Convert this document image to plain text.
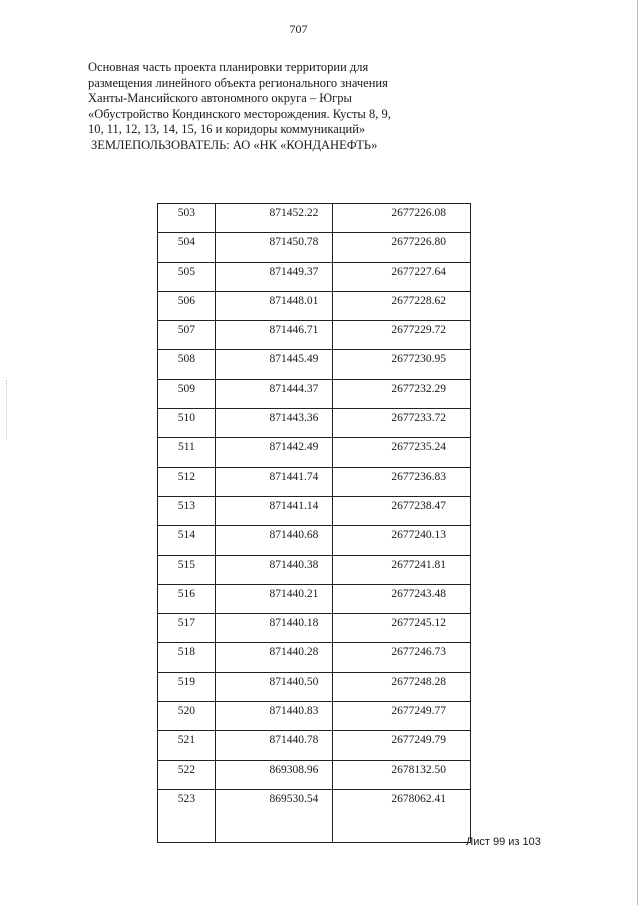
707
Основная часть проекта планировки территории для
размещения линейного объекта регионального значения
Ханты-Мансийского автономного округа – Югры
«Обустройство Кондинского месторождения. Кусты 8, 9,
10, 11, 12, 13, 14, 15, 16 и коридоры коммуникаций»
ЗЕМЛЕПОЛЬЗОВАТЕЛЬ: АО «НК «КОНДАНЕФТЬ»
503	871452.22	2677226.08
504	871450.78	2677226.80
505	871449.37	2677227.64
506	871448.01	2677228.62
507	871446.71	2677229.72
508	871445.49	2677230.95
509	871444.37	2677232.29
510	871443.36	2677233.72
511	871442.49	2677235.24
512	871441.74	2677236.83
513	871441.14	2677238.47
514	871440.68	2677240.13
515	871440.38	2677241.81
516	871440.21	2677243.48
517	871440.18	2677245.12
518	871440.28	2677246.73
519	871440.50	2677248.28
520	871440.83	2677249.77
521	871440.78	2677249.79
522	869308.96	2678132.50
523	869530.54	2678062.41
Лист 99 из 103
